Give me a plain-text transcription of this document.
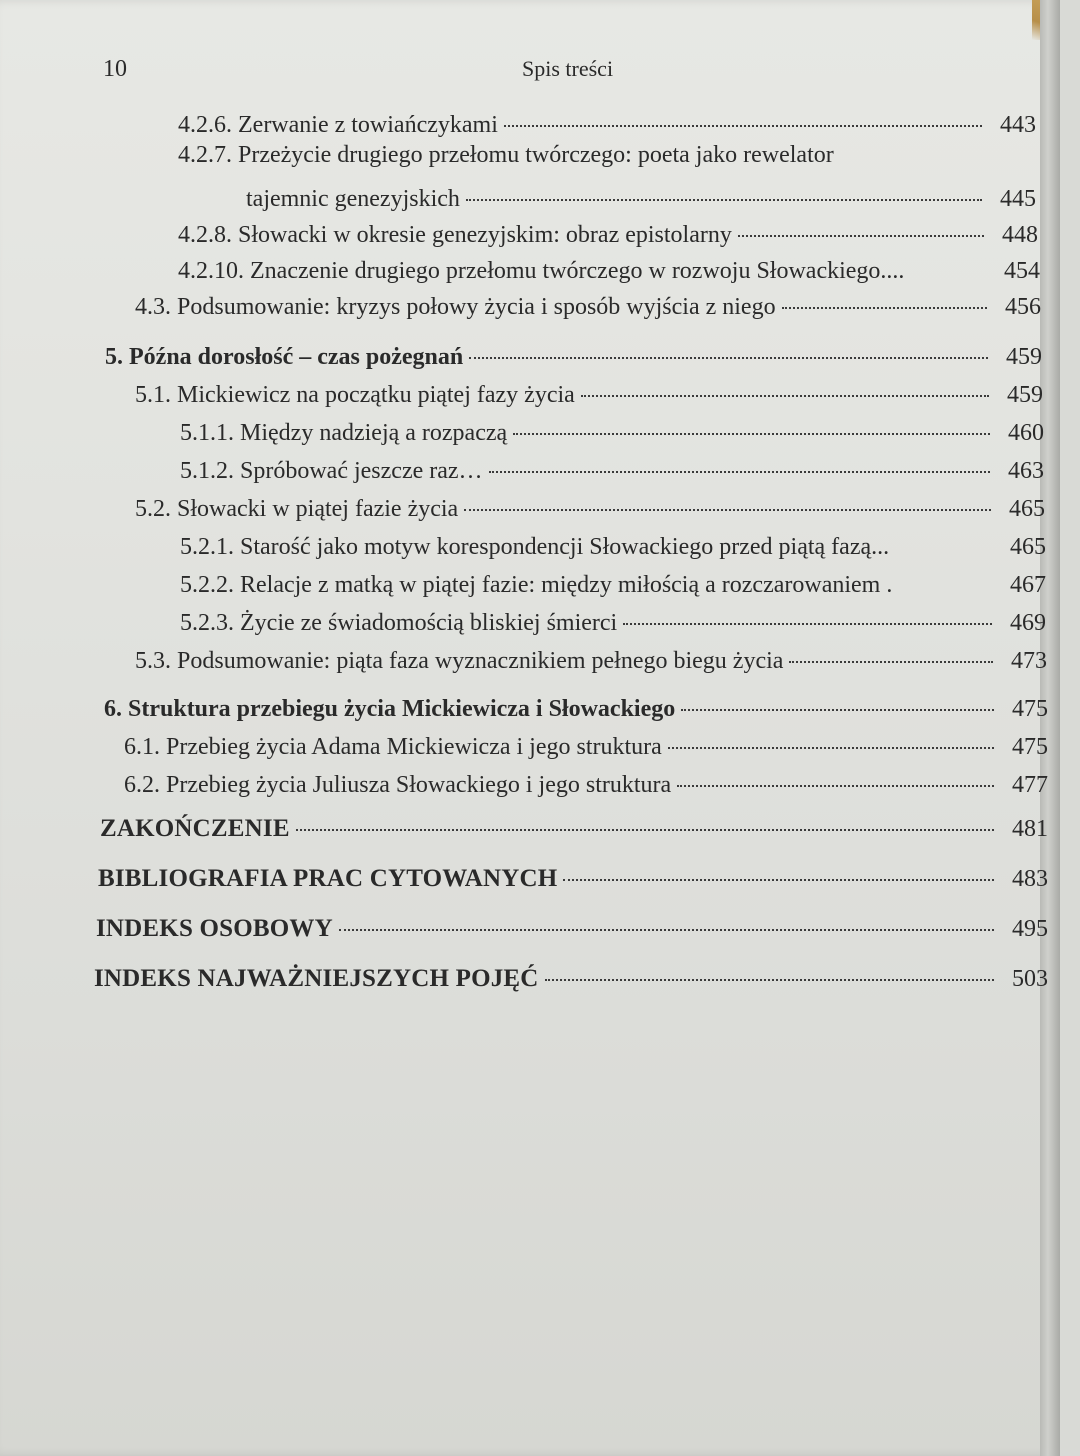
10	Spis treści
4.2.6. Zerwanie z towiańczykami	443
4.2.7. Przeżycie drugiego przełomu twórczego: poeta jako rewelator
tajemnic genezyjskich	445
4.2.8. Słowacki w okresie genezyjskim: obraz epistolarny	448
4.2.10. Znaczenie drugiego przełomu twórczego w rozwoju Słowackiego....	454
4.3. Podsumowanie: kryzys połowy życia i sposób wyjścia z niego	456
5. Późna dorosłość – czas pożegnań	459
5.1. Mickiewicz na początku piątej fazy życia	459
5.1.1. Między nadzieją a rozpaczą	460
5.1.2. Spróbować jeszcze raz…	463
5.2. Słowacki w piątej fazie życia	465
5.2.1. Starość jako motyw korespondencji Słowackiego przed piątą fazą...	465
5.2.2. Relacje z matką w piątej fazie: między miłością a rozczarowaniem .	467
5.2.3. Życie ze świadomością bliskiej śmierci	469
5.3. Podsumowanie: piąta faza wyznacznikiem pełnego biegu życia	473
6. Struktura przebiegu życia Mickiewicza i Słowackiego	475
6.1. Przebieg życia Adama Mickiewicza i jego struktura	475
6.2. Przebieg życia Juliusza Słowackiego i jego struktura	477
ZAKOŃCZENIE	481
BIBLIOGRAFIA PRAC CYTOWANYCH	483
INDEKS OSOBOWY	495
INDEKS NAJWAŻNIEJSZYCH POJĘĆ	503
